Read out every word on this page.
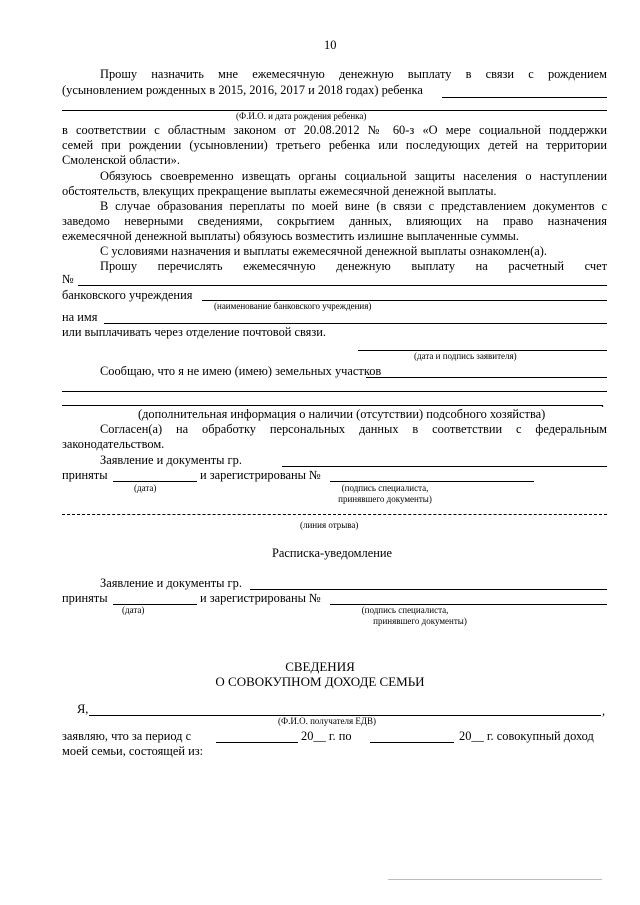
10
Прошу назначить мне ежемесячную денежную выплату в связи с рождением
(усыновлением рожденных в 2015, 2016, 2017 и 2018 годах) ребенка
(Ф.И.О. и дата рождения ребенка)
в соответствии с областным законом от 20.08.2012 № 60-з «О мере социальной поддержки
семей при рождении (усыновлении) третьего ребенка или последующих детей на территории
Смоленской области».
Обязуюсь своевременно извещать органы социальной защиты населения о наступлении
обстоятельств, влекущих прекращение выплаты ежемесячной денежной выплаты.
В случае образования переплаты по моей вине (в связи с представлением документов с
заведомо неверными сведениями, сокрытием данных, влияющих на право назначения
ежемесячной денежной выплаты) обязуюсь возместить излишне выплаченные суммы.
С условиями назначения и выплаты ежемесячной денежной выплаты ознакомлен(а).
Прошу перечислять ежемесячную денежную выплату на расчетный счет
№
банковского учреждения
(наименование банковского учреждения)
на имя
или выплачивать через отделение почтовой связи.
(дата и подпись заявителя)
Сообщаю, что я не имею (имею) земельных участков
.
(дополнительная информация о наличии (отсутствии) подсобного хозяйства)
Согласен(а) на обработку персональных данных в соответствии с федеральным
законодательством.
Заявление и документы гр.
приняты	и зарегистрированы №
(дата)	(подпись специалиста,
принявшего документы)
(линия отрыва)
Расписка-уведомление
Заявление и документы гр.
приняты	и зарегистрированы №
(дата)	(подпись специалиста,
принявшего документы)
СВЕДЕНИЯ
О СОВОКУПНОМ ДОХОДЕ СЕМЬИ
Я,	,
(Ф.И.О. получателя ЕДВ)
заявляю, что за период с	20__ г. по	20__ г. совокупный доход
моей семьи, состоящей из:
